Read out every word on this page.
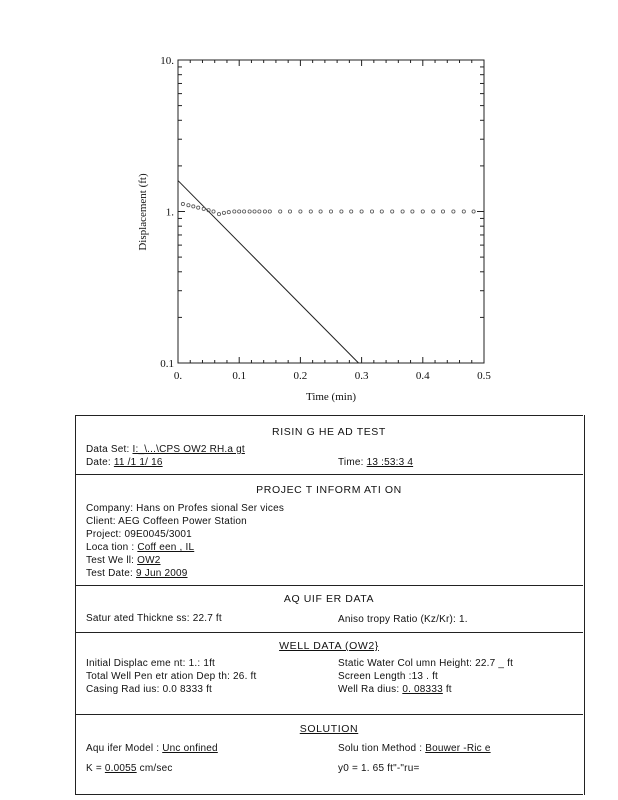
0.	0.1	0.2	0.3	0.4	0.5
0.1
1.
10.
Time (min)
Displacement (ft)
RISIN G HE AD TEST
Data Set: I:_\...\CPS OW2 RH.a gt
Date: 11 /1 1/ 16	Time: 13 :53:3 4
PROJEC T INFORM ATI ON
Company: Hans on Profes sional Ser vices
Client: AEG Coffeen Power Station
Project: 09E0045/3001
Loca tion : Coff een , IL
Test We ll: OW2
Test Date: 9 Jun 2009
AQ UIF ER DATA
Satur ated Thickne ss: 22.7 ft	Aniso tropy Ratio (Kz/Kr): 1.
WELL DATA (OW2}
Initial Displac eme nt: 1.: 1ft	Static Water Col umn Height: 22.7 _ ft
Total Well Pen etr ation Dep th: 26. ft	Screen Length :13 . ft
Casing Rad ius: 0.0 8333 ft	Well Ra dius: 0. 08333 ft
SOLUTION
Aqu ifer Model : Unc onfined	Solu tion Method : Bouwer -Ric e
K = 0.0055 cm/sec	y0 = 1. 65 ft"-"ru=
